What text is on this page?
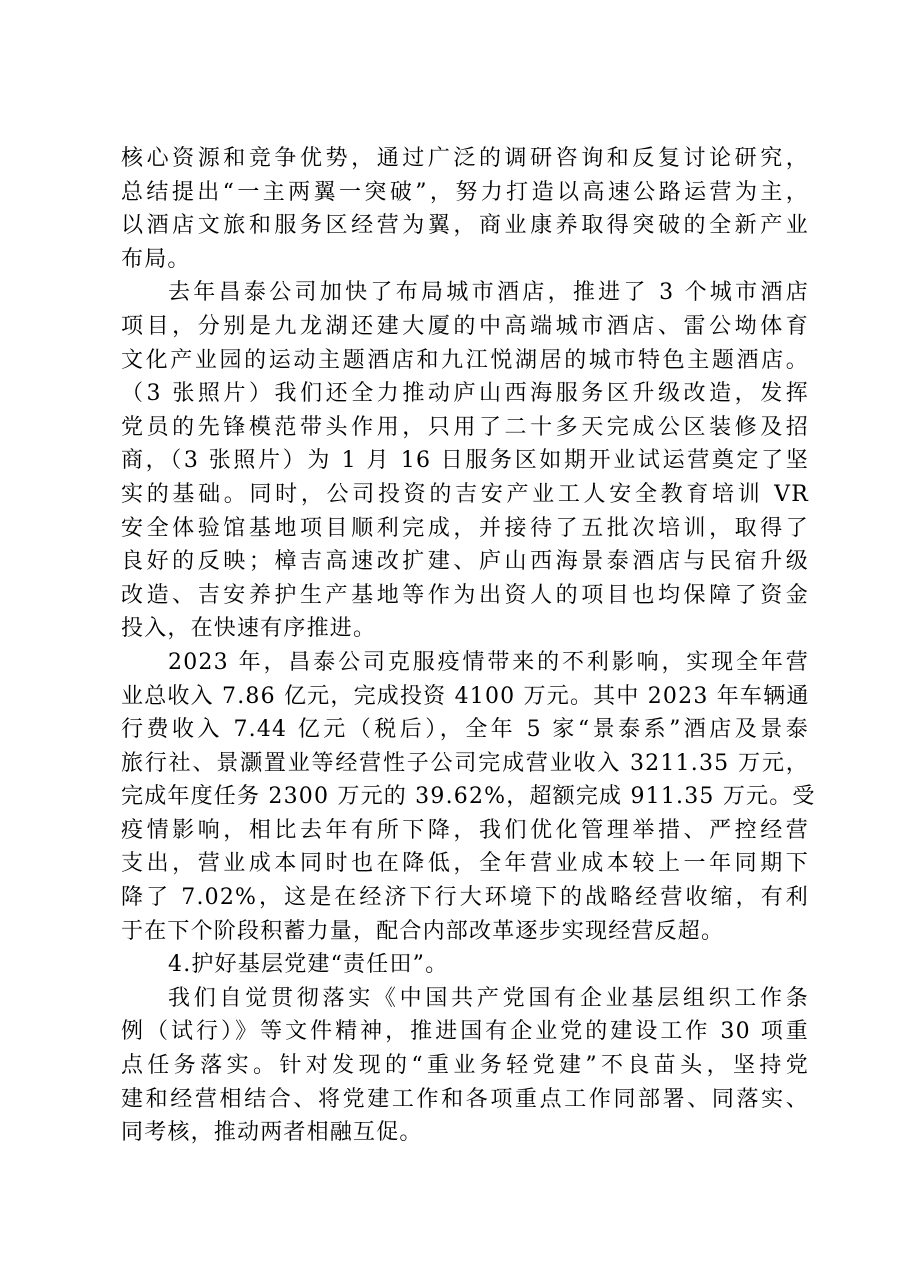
核心资源和竞争优势，通过广泛的调研咨询和反复讨论研究，
总结提出“一主两翼一突破”，努力打造以高速公路运营为主，
以酒店文旅和服务区经营为翼，商业康养取得突破的全新产业
布局。
去年昌泰公司加快了布局城市酒店，推进了 3 个城市酒店
项目，分别是九龙湖还建大厦的中高端城市酒店、雷公坳体育
文化产业园的运动主题酒店和九江悦湖居的城市特色主题酒店。
（3 张照片）我们还全力推动庐山西海服务区升级改造，发挥
党员的先锋模范带头作用，只用了二十多天完成公区装修及招
商，（3 张照片）为 1 月 16 日服务区如期开业试运营奠定了坚
实的基础。同时，公司投资的吉安产业工人安全教育培训 VR
安全体验馆基地项目顺利完成，并接待了五批次培训，取得了
良好的反映；樟吉高速改扩建、庐山西海景泰酒店与民宿升级
改造、吉安养护生产基地等作为出资人的项目也均保障了资金
投入，在快速有序推进。
2023 年，昌泰公司克服疫情带来的不利影响，实现全年营
业总收入 7.86 亿元，完成投资 4100 万元。其中 2023 年车辆通
行费收入 7.44 亿元（税后），全年 5 家“景泰系”酒店及景泰
旅行社、景灏置业等经营性子公司完成营业收入 3211.35 万元，
完成年度任务 2300 万元的 39.62%，超额完成 911.35 万元。受
疫情影响，相比去年有所下降，我们优化管理举措、严控经营
支出，营业成本同时也在降低，全年营业成本较上一年同期下
降了 7.02%，这是在经济下行大环境下的战略经营收缩，有利
于在下个阶段积蓄力量，配合内部改革逐步实现经营反超。
4.护好基层党建“责任田”。
我们自觉贯彻落实《中国共产党国有企业基层组织工作条
例（试行）》等文件精神，推进国有企业党的建设工作 30 项重
点任务落实。针对发现的“重业务轻党建”不良苗头，坚持党
建和经营相结合、将党建工作和各项重点工作同部署、同落实、
同考核，推动两者相融互促。
